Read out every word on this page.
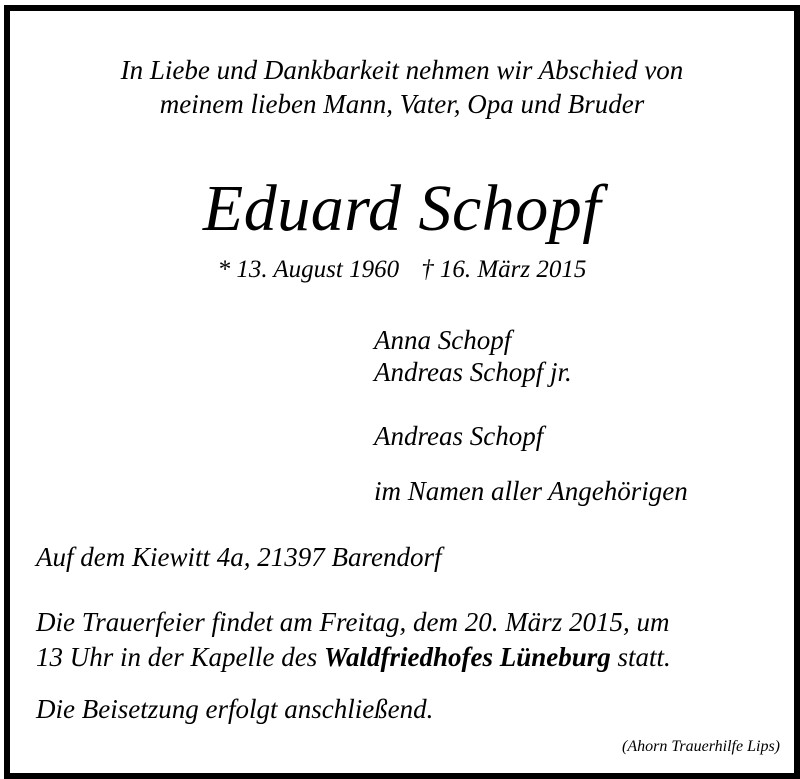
In Liebe und Dankbarkeit nehmen wir Abschied von
meinem lieben Mann, Vater, Opa und Bruder
Eduard Schopf
* 13. August 1960 † 16. März 2015
Anna Schopf
Andreas Schopf jr.
Andreas Schopf
im Namen aller Angehörigen
Auf dem Kiewitt 4a, 21397 Barendorf
Die Trauerfeier findet am Freitag, dem 20. März 2015, um
13 Uhr in der Kapelle des Waldfriedhofes Lüneburg statt.
Die Beisetzung erfolgt anschließend.
(Ahorn Trauerhilfe Lips)
